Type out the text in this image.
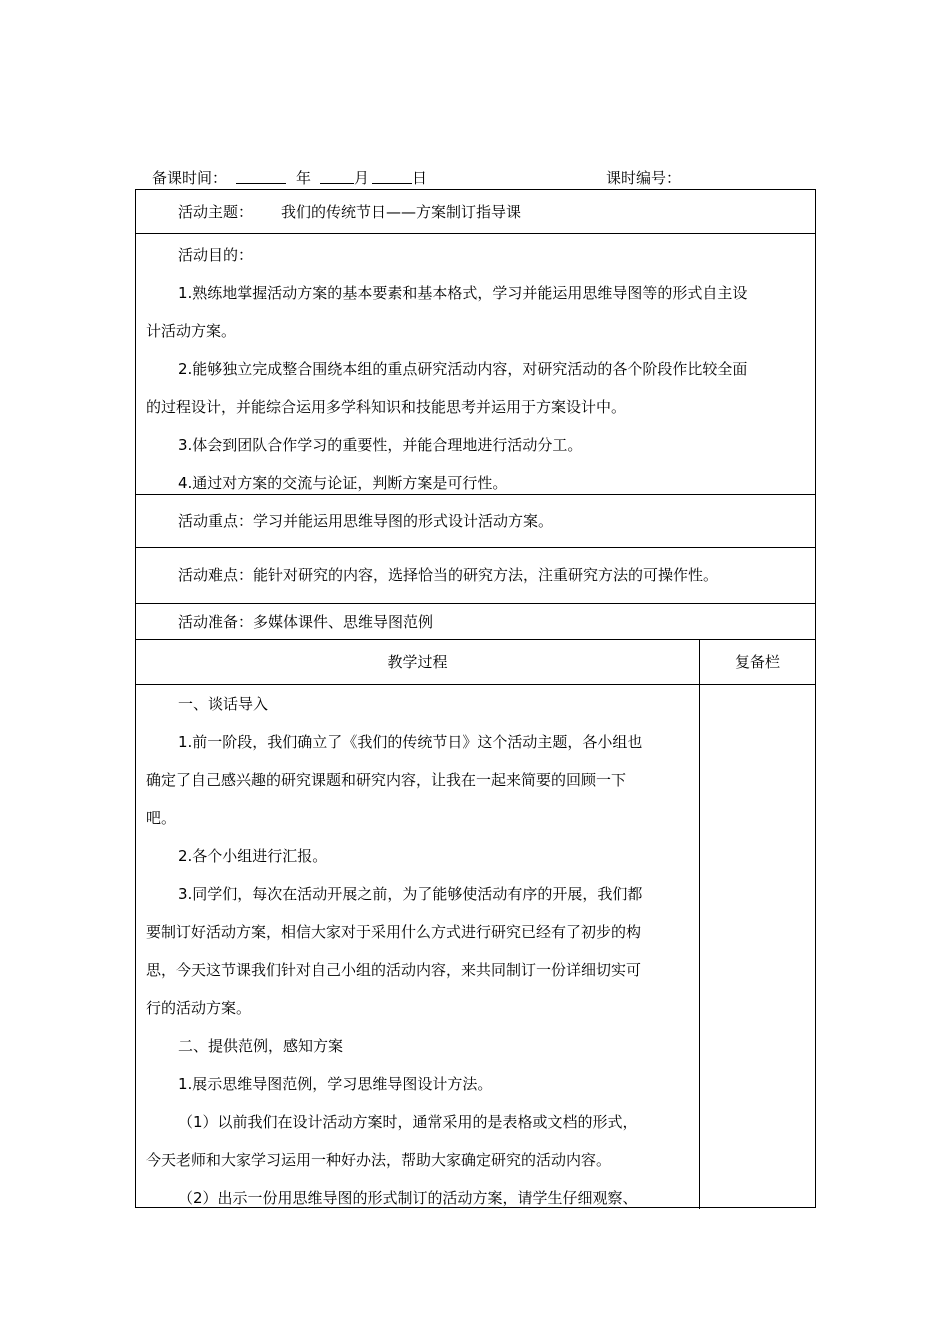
备课时间：	年	月	日	课时编号：

活动主题： 我们的传统节日——方案制订指导课

活动目的：

1.熟练地掌握活动方案的基本要素和基本格式，学习并能运用思维导图等的形式自主设

计活动方案。

2.能够独立完成整合围绕本组的重点研究活动内容，对研究活动的各个阶段作比较全面

的过程设计，并能综合运用多学科知识和技能思考并运用于方案设计中。

3.体会到团队合作学习的重要性，并能合理地进行活动分工。

4.通过对方案的交流与论证，判断方案是可行性。

活动重点：学习并能运用思维导图的形式设计活动方案。

活动难点：能针对研究的内容，选择恰当的研究方法，注重研究方法的可操作性。

活动准备：多媒体课件、思维导图范例

教学过程	复备栏

一、谈话导入

1.前一阶段，我们确立了《我们的传统节日》这个活动主题，各小组也

确定了自己感兴趣的研究课题和研究内容，让我在一起来简要的回顾一下

吧。

2.各个小组进行汇报。

3.同学们，每次在活动开展之前，为了能够使活动有序的开展，我们都

要制订好活动方案，相信大家对于采用什么方式进行研究已经有了初步的构

思，今天这节课我们针对自己小组的活动内容，来共同制订一份详细切实可

行的活动方案。

二、提供范例，感知方案

1.展示思维导图范例，学习思维导图设计方法。

（1）以前我们在设计活动方案时，通常采用的是表格或文档的形式，

今天老师和大家学习运用一种好办法，帮助大家确定研究的活动内容。

（2）出示一份用思维导图的形式制订的活动方案，请学生仔细观察、
